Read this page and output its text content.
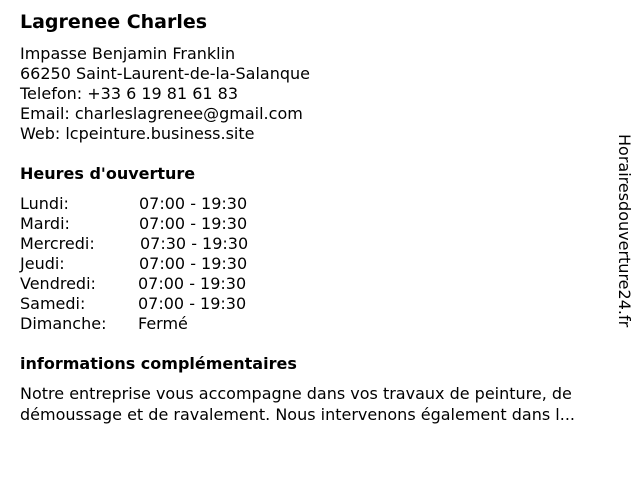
Lagrenee Charles
Impasse Benjamin Franklin
66250 Saint-Laurent-de-la-Salanque
Telefon: +33 6 19 81 61 83
Email: charleslagrenee@gmail.com
Web: lcpeinture.business.site
Heures d'ouverture
Lundi:	07:00 - 19:30
Mardi:	07:00 - 19:30
Mercredi:	07:30 - 19:30
Jeudi:	07:00 - 19:30
Vendredi:	07:00 - 19:30
Samedi:	07:00 - 19:30
Dimanche: Fermé
informations complémentaires
Notre entreprise vous accompagne dans vos travaux de peinture, de
démoussage et de ravalement. Nous intervenons également dans l...
Horairesdouverture24.fr
